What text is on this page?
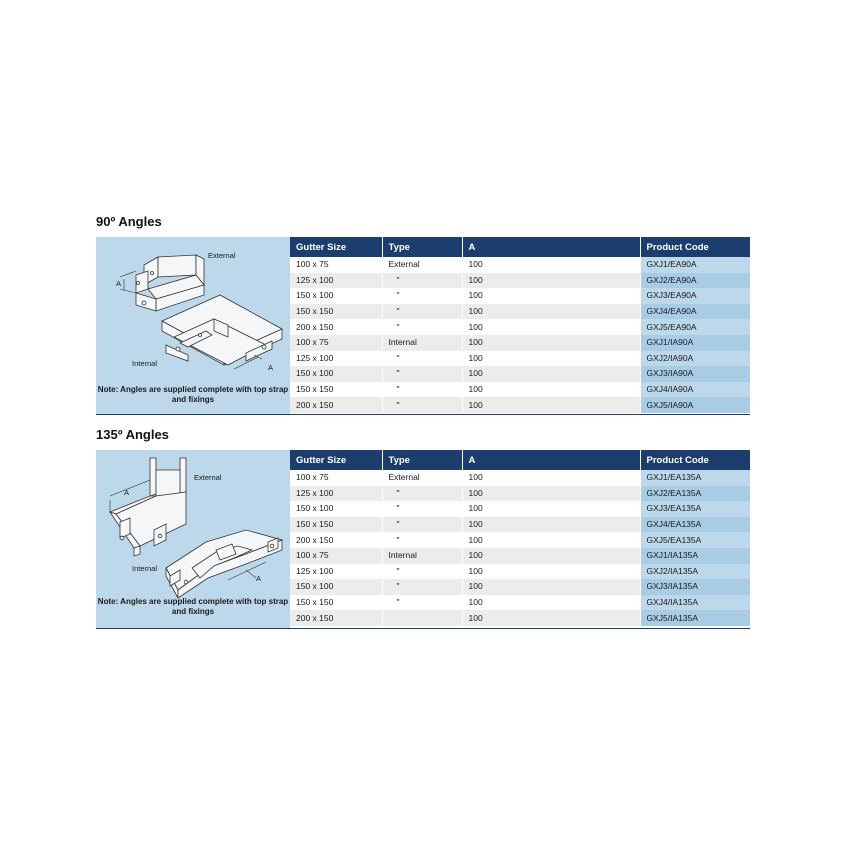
90º Angles
External
A
A
Internal
Note: Angles are supplied complete with top strap and fixings
Gutter Size	Type	A	Product Code
100 x 75	External	100	GXJ1/EA90A
125 x 100	"	100	GXJ2/EA90A
150 x 100	"	100	GXJ3/EA90A
150 x 150	"	100	GXJ4/EA90A
200 x 150	"	100	GXJ5/EA90A
100 x 75	Internal	100	GXJ1/IA90A
125 x 100	"	100	GXJ2/IA90A
150 x 100	"	100	GXJ3/IA90A
150 x 150	"	100	GXJ4/IA90A
200 x 150	"	100	GXJ5/IA90A
135º Angles
External
A
A
Internal
Note: Angles are supplied complete with top strap and fixings
Gutter Size	Type	A	Product Code
100 x 75	External	100	GXJ1/EA135A
125 x 100	"	100	GXJ2/EA135A
150 x 100	"	100	GXJ3/EA135A
150 x 150	"	100	GXJ4/EA135A
200 x 150	"	100	GXJ5/EA135A
100 x 75	Internal	100	GXJ1/IA135A
125 x 100	"	100	GXJ2/IA135A
150 x 100	"	100	GXJ3/IA135A
150 x 150	"	100	GXJ4/IA135A
200 x 150		100	GXJ5/IA135A
